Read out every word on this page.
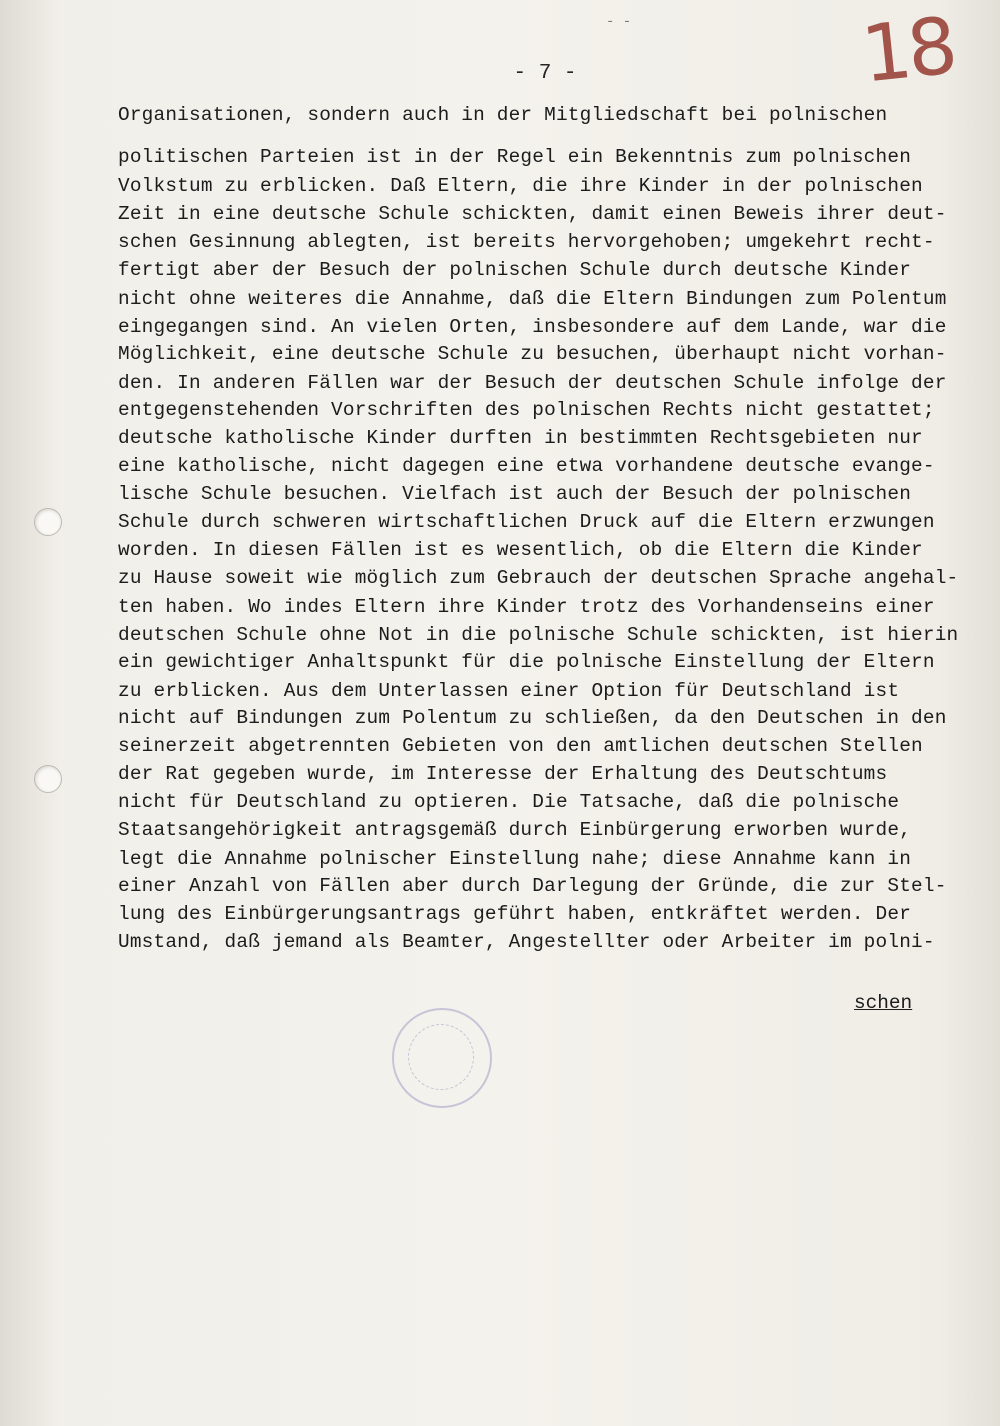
- -	18
- 7 -
Organisationen, sondern auch in der Mitgliedschaft bei polnischen
politischen Parteien ist in der Regel ein Bekenntnis zum polnischen
Volkstum zu erblicken. Daß Eltern, die ihre Kinder in der polnischen
Zeit in eine deutsche Schule schickten, damit einen Beweis ihrer deut-
schen Gesinnung ablegten, ist bereits hervorgehoben; umgekehrt recht-
fertigt aber der Besuch der polnischen Schule durch deutsche Kinder
nicht ohne weiteres die Annahme, daß die Eltern Bindungen zum Polentum
eingegangen sind. An vielen Orten, insbesondere auf dem Lande, war die
Möglichkeit, eine deutsche Schule zu besuchen, überhaupt nicht vorhan-
den. In anderen Fällen war der Besuch der deutschen Schule infolge der
entgegenstehenden Vorschriften des polnischen Rechts nicht gestattet;
deutsche katholische Kinder durften in bestimmten Rechtsgebieten nur
eine katholische, nicht dagegen eine etwa vorhandene deutsche evange-
lische Schule besuchen. Vielfach ist auch der Besuch der polnischen
Schule durch schweren wirtschaftlichen Druck auf die Eltern erzwungen
worden. In diesen Fällen ist es wesentlich, ob die Eltern die Kinder
zu Hause soweit wie möglich zum Gebrauch der deutschen Sprache angehal-
ten haben. Wo indes Eltern ihre Kinder trotz des Vorhandenseins einer
deutschen Schule ohne Not in die polnische Schule schickten, ist hierin
ein gewichtiger Anhaltspunkt für die polnische Einstellung der Eltern
zu erblicken. Aus dem Unterlassen einer Option für Deutschland ist
nicht auf Bindungen zum Polentum zu schließen, da den Deutschen in den
seinerzeit abgetrennten Gebieten von den amtlichen deutschen Stellen
der Rat gegeben wurde, im Interesse der Erhaltung des Deutschtums
nicht für Deutschland zu optieren. Die Tatsache, daß die polnische
Staatsangehörigkeit antragsgemäß durch Einbürgerung erworben wurde,
legt die Annahme polnischer Einstellung nahe; diese Annahme kann in
einer Anzahl von Fällen aber durch Darlegung der Gründe, die zur Stel-
lung des Einbürgerungsantrags geführt haben, entkräftet werden. Der
Umstand, daß jemand als Beamter, Angestellter oder Arbeiter im polni-
schen
